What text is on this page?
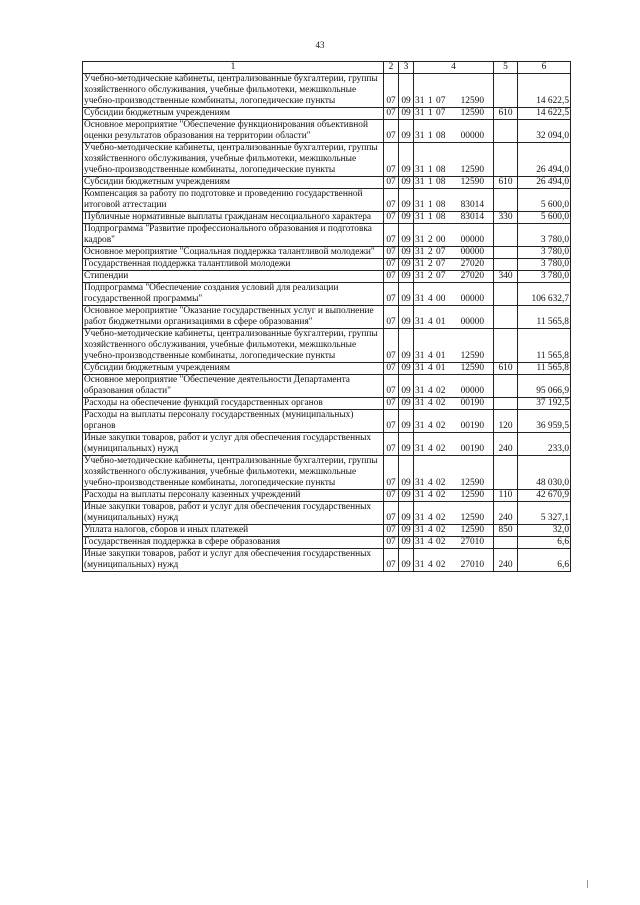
43
1	2	3	4	5	6
Учебно-методические кабинеты, централизованные бухгалтерии, группы хозяйственного обслуживания, учебные фильмотеки, межшкольные учебно-производственные комбинаты, логопедические пункты	07	09	31 1 07 12590		14 622,5
Субсидии бюджетным учреждениям	07	09	31 1 07 12590	610	14 622,5
Основное мероприятие "Обеспечение функционирования объективной оценки результатов образования на территории области"	07	09	31 1 08 00000		32 094,0
Учебно-методические кабинеты, централизованные бухгалтерии, группы хозяйственного обслуживания, учебные фильмотеки, межшкольные учебно-производственные комбинаты, логопедические пункты	07	09	31 1 08 12590		26 494,0
Субсидии бюджетным учреждениям	07	09	31 1 08 12590	610	26 494,0
Компенсация за работу по подготовке и проведению государственной итоговой аттестации	07	09	31 1 08 83014		5 600,0
Публичные нормативные выплаты гражданам несоциального характера	07	09	31 1 08 83014	330	5 600,0
Подпрограмма "Развитие профессионального образования и подготовка кадров"	07	09	31 2 00 00000		3 780,0
Основное мероприятие "Социальная поддержка талантливой молодежи"	07	09	31 2 07 00000		3 780,0
Государственная поддержка талантливой молодежи	07	09	31 2 07 27020		3 780,0
Стипендии	07	09	31 2 07 27020	340	3 780,0
Подпрограмма "Обеспечение создания условий для реализации государственной программы"	07	09	31 4 00 00000		106 632,7
Основное мероприятие "Оказание государственных услуг и выполнение работ бюджетными организациями в сфере образования"	07	09	31 4 01 00000		11 565,8
Учебно-методические кабинеты, централизованные бухгалтерии, группы хозяйственного обслуживания, учебные фильмотеки, межшкольные учебно-производственные комбинаты, логопедические пункты	07	09	31 4 01 12590		11 565,8
Субсидии бюджетным учреждениям	07	09	31 4 01 12590	610	11 565,8
Основное мероприятие "Обеспечение деятельности Департамента образования области"	07	09	31 4 02 00000		95 066,9
Расходы на обеспечение функций государственных органов	07	09	31 4 02 00190		37 192,5
Расходы на выплаты персоналу государственных (муниципальных) органов	07	09	31 4 02 00190	120	36 959,5
Иные закупки товаров, работ и услуг для обеспечения государственных (муниципальных) нужд	07	09	31 4 02 00190	240	233,0
Учебно-методические кабинеты, централизованные бухгалтерии, группы хозяйственного обслуживания, учебные фильмотеки, межшкольные учебно-производственные комбинаты, логопедические пункты	07	09	31 4 02 12590		48 030,0
Расходы на выплаты персоналу казенных учреждений	07	09	31 4 02 12590	110	42 670,9
Иные закупки товаров, работ и услуг для обеспечения государственных (муниципальных) нужд	07	09	31 4 02 12590	240	5 327,1
Уплата налогов, сборов и иных платежей	07	09	31 4 02 12590	850	32,0
Государственная поддержка в сфере образования	07	09	31 4 02 27010		6,6
Иные закупки товаров, работ и услуг для обеспечения государственных (муниципальных) нужд	07	09	31 4 02 27010	240	6,6
